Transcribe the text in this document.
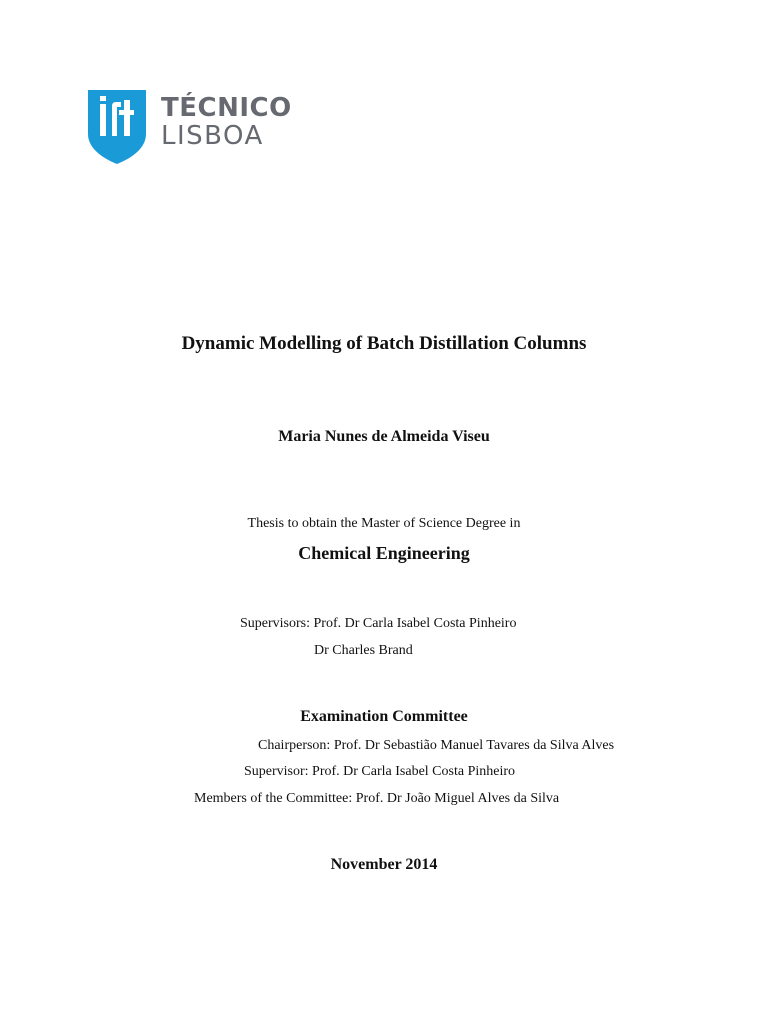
TÉCNICO
LISBOA
Dynamic Modelling of Batch Distillation Columns
Maria Nunes de Almeida Viseu
Thesis to obtain the Master of Science Degree in
Chemical Engineering
Supervisors: Prof. Dr Carla Isabel Costa Pinheiro
Dr Charles Brand
Examination Committee
Chairperson: Prof. Dr Sebastião Manuel Tavares da Silva Alves
Supervisor: Prof. Dr Carla Isabel Costa Pinheiro
Members of the Committee: Prof. Dr João Miguel Alves da Silva
November 2014
